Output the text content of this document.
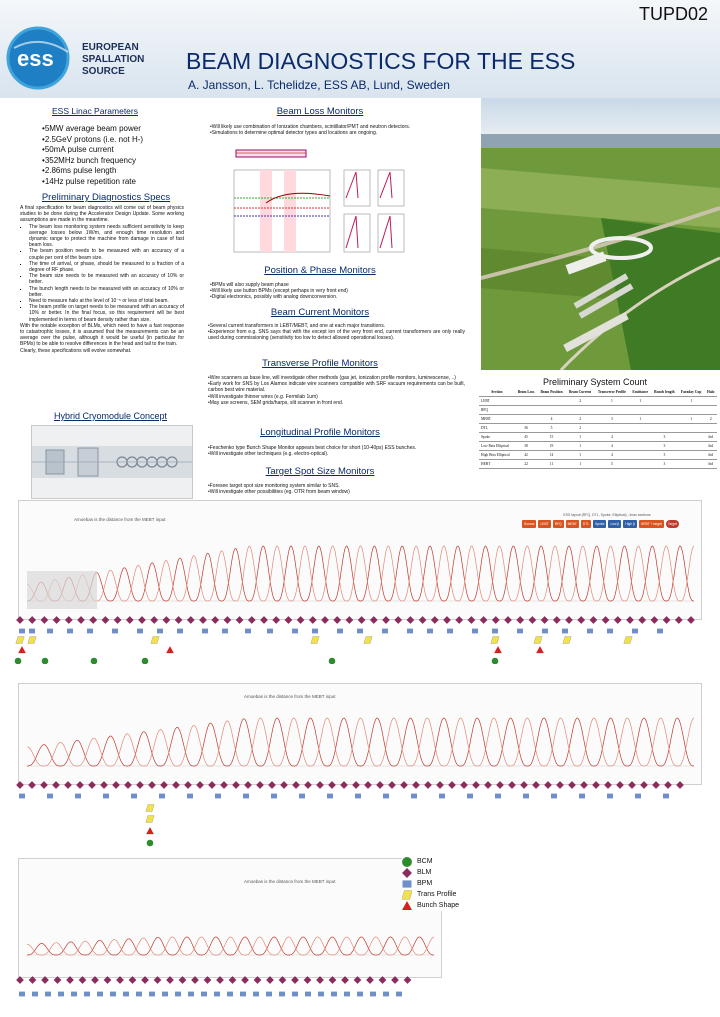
TUPD02
ess	EUROPEAN
SPALLATION
SOURCE	BEAM DIAGNOSTICS FOR THE ESS
A. Jansson, L. Tchelidze, ESS AB, Lund, Sweden
ESS Linac Parameters
• 5MW average beam power
• 2.5GeV protons (i.e. not H-)
• 50mA pulse current
• 352MHz bunch frequency
• 2.86ms pulse length
• 14Hz pulse repetition rate
Preliminary Diagnostics Specs

A final specification for beam diagnostics will come out of beam physics studies to be done during the Accelerator Design Update. Some working assumptions are made in the meantime.

▪ The beam loss monitoring system needs sufficient sensitivity to keep average losses below 1W/m, and enough time resolution and dynamic range to protect the machine from damage in case of fast beam loss.
▪ The beam position needs to be measured with an accuracy of a couple per cent of the beam size.
▪ The time of arrival, or phase, should be measured to a fraction of a degree of RF phase.
▪ The beam size needs to be measured with an accuracy of 10% or better.
▪ The bunch length needs to be measured with an accuracy of 10% or better.
▪ Need to measure halo at the level of 10⁻⁵ or less of total beam.
▪ The beam profile on target needs to be measured with an accuracy of 10% or better. In the final focus, so this requirement will be best implemented in terms of beam density rather than size.

With the notable exception of BLMs, which need to have a fast response to catastrophic losses, it is assumed that the measurements can be an average over the pulse, although it would be useful (in particular for BPMs) to be able to resolve differences in the head and tail to the train.

Clearly, these specifications will evolve somewhat.

Hybrid Cryomodule Concept
Beam Loss Monitors
•Will likely use combination of Ionization chambers, scintillator/PMT and neutron detectors.
•Simulations to determine optimal detector types and locations are ongoing.
Position & Phase Monitors
•BPMs will also supply beam phase
•Will likely use button BPMs (except perhaps in very front end)
•Digital electronics, possibly with analog downconversion.
Beam Current Monitors
•Several current transformers in LEBT/MEBT, and one at each major transitions.
•Experience from e.g. SNS says that with the except ion of the very front end, current transformers are only really used during commissioning (sensitivity too low to detect allowed operational losses).
Transverse Profile Monitors
•Wire scanners as base line, will investigate other methods (gas jet, ionization profile monitors, luminescense, ..)
•Early work for SNS by Los Alamos indicate wire scanners compatible with SRF vacuum requirements can be built, carbon best wire material.
•Will investigate thinner wires (e.g. Fermilab 1um)
•May use screens, SEM grids/harps, slit scanner in front end.
Longitudinal Profile Monitors
•Feschenko type Bunch Shape Monitor appears best choice for short (10-40ps) ESS bunches.
•Will investigate other techniques (e.g. electro-optical).
Target Spot Size Monitors
•Foresee target spot size monitoring system similar to SNS.
•Will investigate other possibilities (eg. OTR from beam window)
Preliminary System Count
Section	Beam Loss	Beam Position	Beam Current	Transverse Profile	Emittance	Bunch length	Faraday Cup	Halo
LEBT			2	1	1		1	
RFQ								
MEBT		4	2	3	1		1	2
DTL	36	5	2					
Spoke	45	15	1	4		3		tbd
Low Beta Elliptical	38	19	1	4		3		tbd
High Beta Elliptical	42	14	1	4		3		tbd
HEBT	22	11	1	5		3		tbd
Amoebas is the distance from the MEBT input
ESS layout (RFQ, DTL, Spoke, Elliptical) - linac sections
Source	LEBT	RFQ	MEBT	DTL	Spoke	Low β	High β	HEBT + target	Target
Amoebas is the distance from the MEBT input
Amoebas is the distance from the MEBT input
BCM
BLM
BPM
Trans Profile
Bunch Shape
